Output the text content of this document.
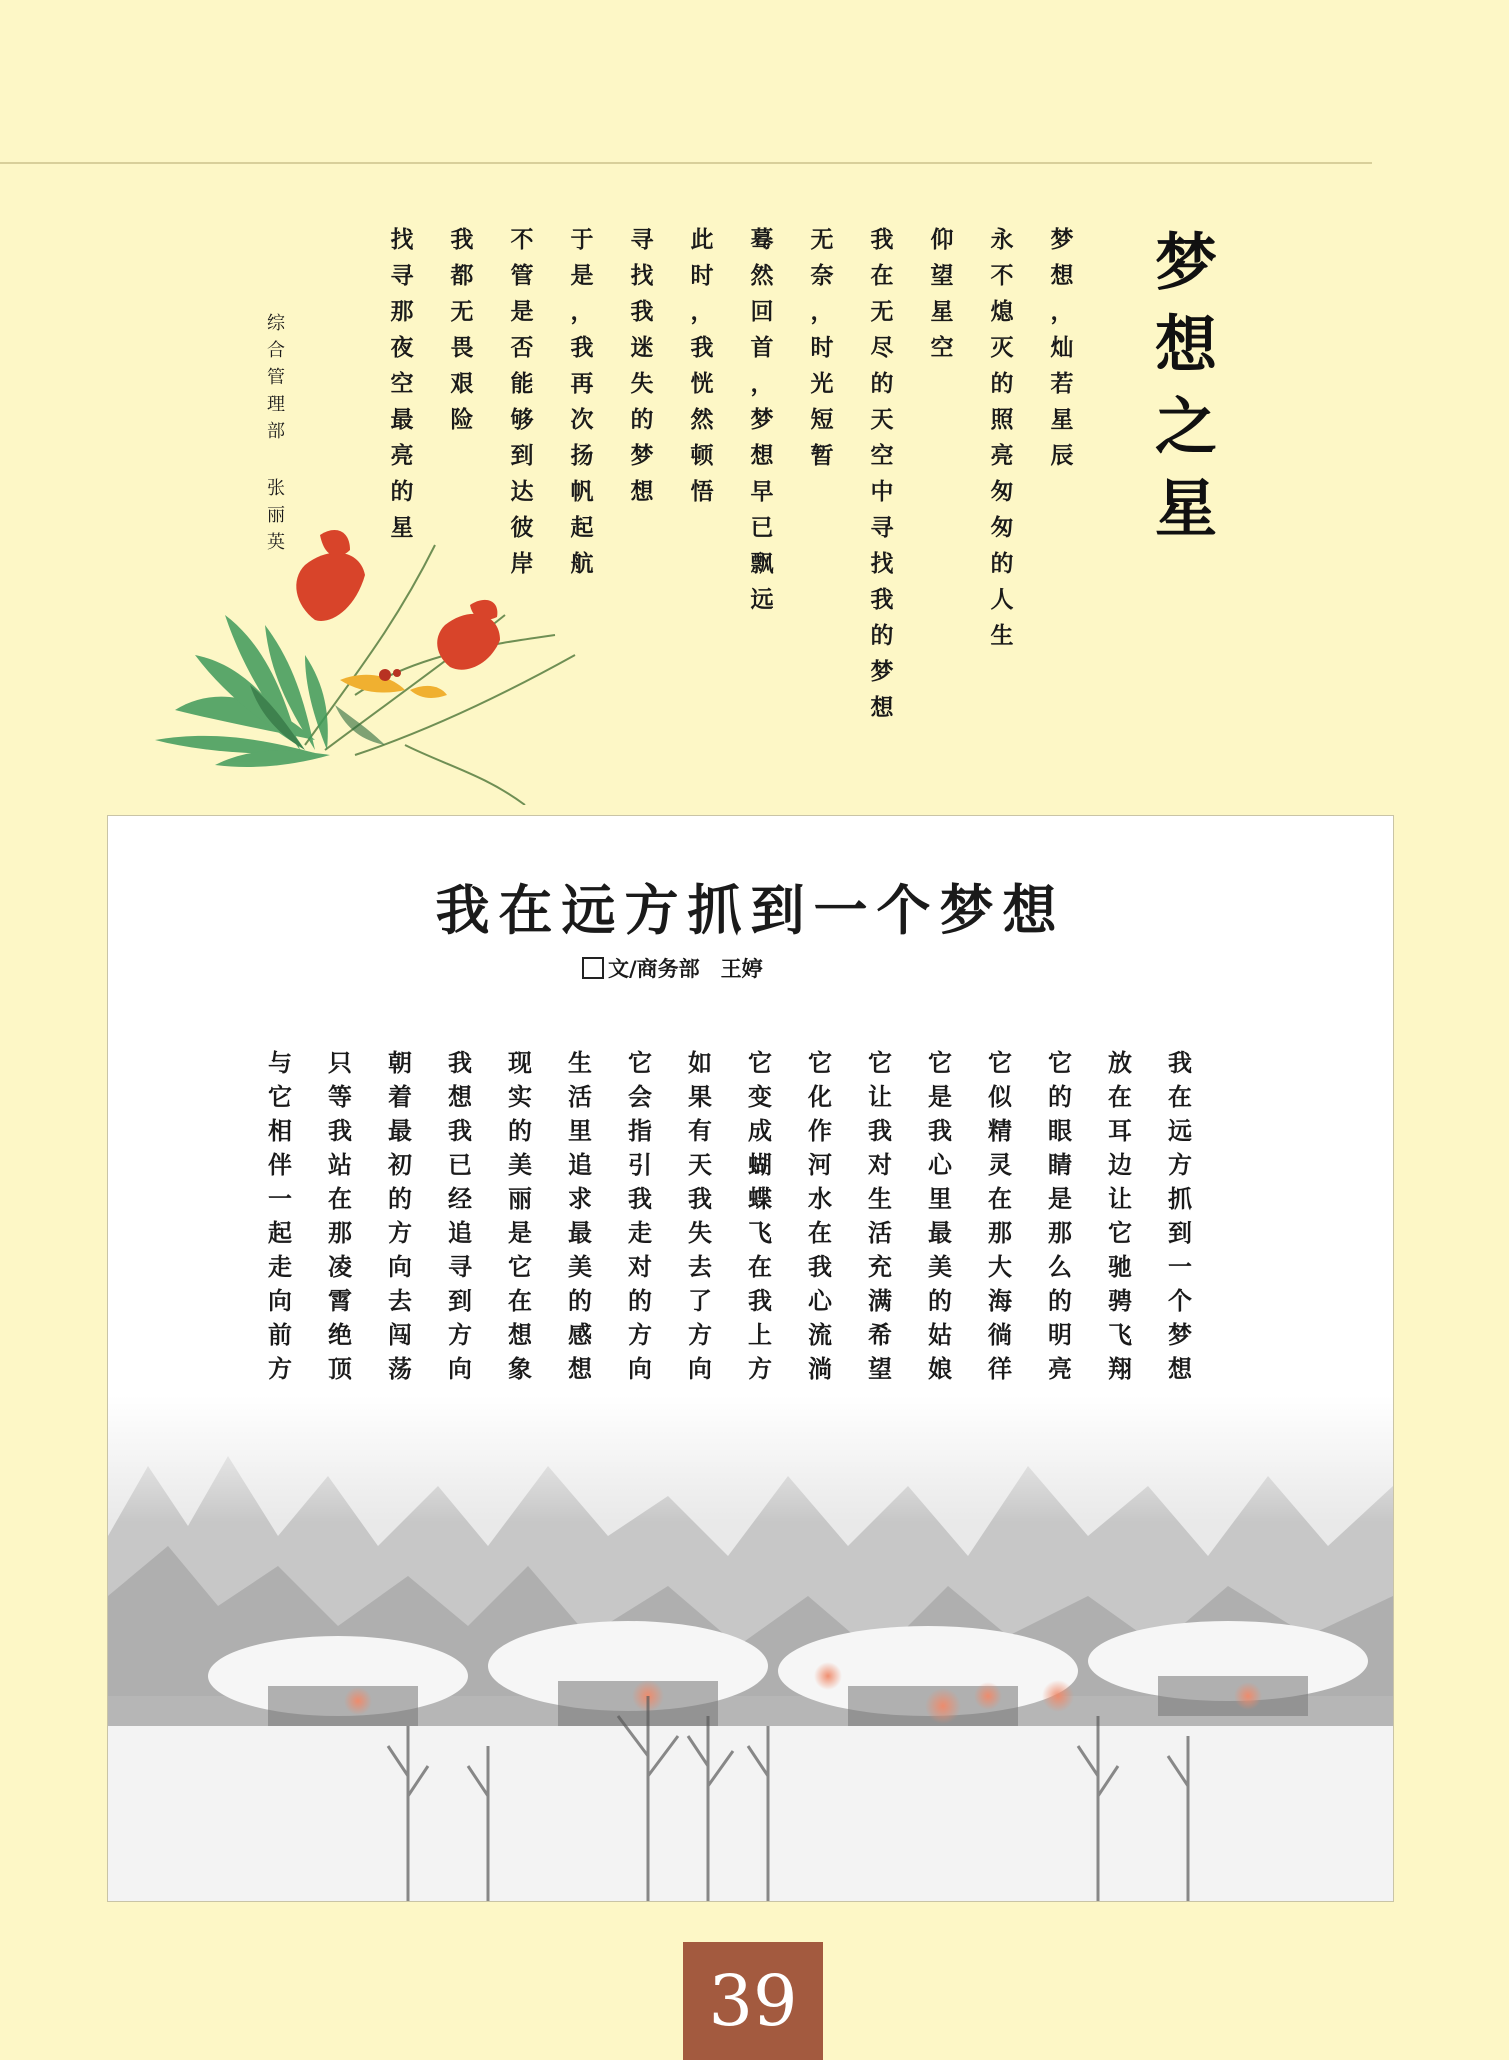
梦
想
之
星
梦
想
，
灿
若
星
辰
永
不
熄
灭
的
照
亮
匆
匆
的
人
生
仰
望
星
空
我
在
无
尽
的
天
空
中
寻
找
我
的
梦
想
无
奈
，
时
光
短
暂
蓦
然
回
首
，
梦
想
早
已
飘
远
此
时
，
我
恍
然
顿
悟
寻
找
我
迷
失
的
梦
想
于
是
，
我
再
次
扬
帆
起
航
不
管
是
否
能
够
到
达
彼
岸
我
都
无
畏
艰
险
找
寻
那
夜
空
最
亮
的
星
综
合
管
理
部
张
丽
英
我在远方抓到一个梦想
文/商务部　王婷
我
在
远
方
抓
到
一
个
梦
想
放
在
耳
边
让
它
驰
骋
飞
翔
它
的
眼
睛
是
那
么
的
明
亮
它
似
精
灵
在
那
大
海
徜
徉
它
是
我
心
里
最
美
的
姑
娘
它
让
我
对
生
活
充
满
希
望
它
化
作
河
水
在
我
心
流
淌
它
变
成
蝴
蝶
飞
在
我
上
方
如
果
有
天
我
失
去
了
方
向
它
会
指
引
我
走
对
的
方
向
生
活
里
追
求
最
美
的
感
想
现
实
的
美
丽
是
它
在
想
象
我
想
我
已
经
追
寻
到
方
向
朝
着
最
初
的
方
向
去
闯
荡
只
等
我
站
在
那
凌
霄
绝
顶
与
它
相
伴
一
起
走
向
前
方
39
